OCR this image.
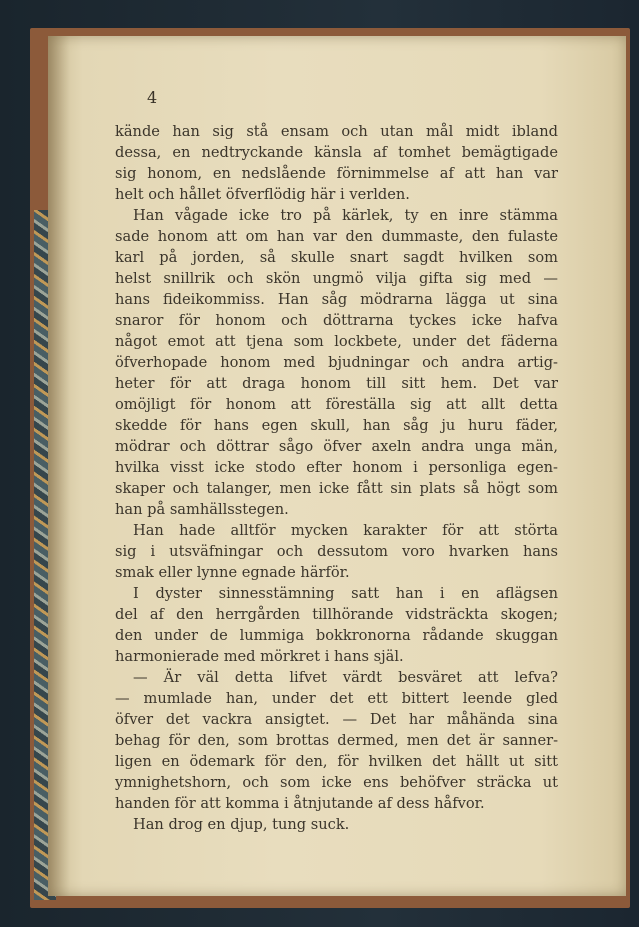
4
kände han sig stå ensam och utan mål midt ibland
dessa, en nedtryckande känsla af tomhet bemägtigade
sig honom, en nedslående förnimmelse af att han var
helt och hållet öfverflödig här i verlden.
Han vågade icke tro på kärlek, ty en inre stämma
sade honom att om han var den dummaste, den fulaste
karl på jorden, så skulle snart sagdt hvilken som
helst snillrik och skön ungmö vilja gifta sig med —
hans fideikommiss. Han såg mödrarna lägga ut sina
snaror för honom och döttrarna tyckes icke hafva
något emot att tjena som lockbete, under det fäderna
öfverhopade honom med bjudningar och andra artig-
heter för att draga honom till sitt hem. Det var
omöjligt för honom att föreställa sig att allt detta
skedde för hans egen skull, han såg ju huru fäder,
mödrar och döttrar sågo öfver axeln andra unga män,
hvilka visst icke stodo efter honom i personliga egen-
skaper och talanger, men icke fått sin plats så högt som
han på samhällsstegen.
Han hade alltför mycken karakter för att störta
sig i utsväfningar och dessutom voro hvarken hans
smak eller lynne egnade härför.
I dyster sinnesstämning satt han i en aflägsen
del af den herrgården tillhörande vidsträckta skogen;
den under de lummiga bokkronorna rådande skuggan
harmonierade med mörkret i hans själ.
— Är väl detta lifvet värdt besväret att lefva?
— mumlade han, under det ett bittert leende gled
öfver det vackra ansigtet. — Det har måhända sina
behag för den, som brottas dermed, men det är sanner-
ligen en ödemark för den, för hvilken det hällt ut sitt
ymnighetshorn, och som icke ens behöfver sträcka ut
handen för att komma i åtnjutande af dess håfvor.
Han drog en djup, tung suck.
